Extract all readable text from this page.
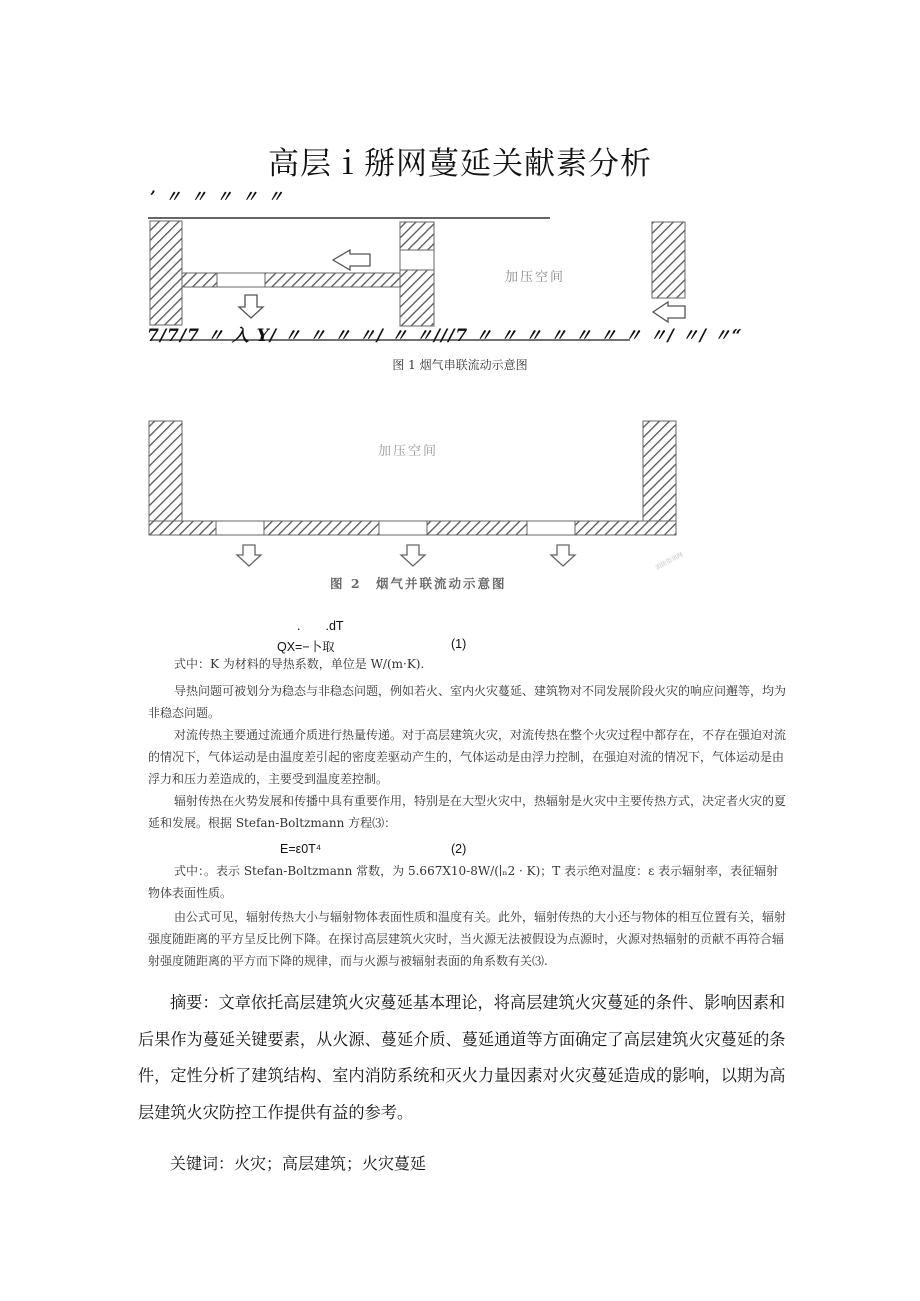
高层ｉ掰网蔓延关献素分析
’ 〃 〃 〃 〃 〃
加压空间
7/7/7 〃 入 Y/ 〃 〃 〃 〃/ 〃 〃///7 〃 〃 〃 〃 〃 〃 〃 〃/ 〃/ 〃“
图 1 烟气串联流动示意图
加压空间
图 2　烟气并联流动示意图
消防资讯网
.　　.dT
QX=−卜取	(1)
式中：K 为材料的导热系数，单位是 W/(m·K).
导热问题可被划分为稳态与非稳态问题，例如若火、室内火灾蔓延、建筑物对不同发展阶段火灾的响应问邂等，均为非稳态问题。
对流传热主要通过流通介质进行热量传递。对于高层建筑火灾，对流传热在整个火灾过程中都存在，不存在强迫对流的情况下，气体运动是由温度差引起的密度差驱动产生的，气体运动是由浮力控制，在强迫对流的情况下，气体运动是由浮力和压力差造成的，主要受到温度差控制。
辐射传热在火势发展和传播中具有重要作用，特别是在大型火灾中，热辐射是火灾中主要传热方式，决定者火灾的夏延和发展。根据 Stefan-Boltzmann 方程⑶：
E=ε0T⁴	(2)
式中：。表示 Stefan-Boltzmann 常数，为 5.667X10-8W/(∣ₙ2 · K)；T 表示绝对温度：ε 表示辐射率，表征辐射物体表面性质。
由公式可见，辐射传热大小与辐射物体表面性质和温度有关。此外，辐射传热的大小还与物体的相互位置有关，辐射强度随距离的平方呈反比例下降。在探讨高层建筑火灾时，当火源无法被假设为点源时，火源对热辐射的贡献不再符合辐射强度随距离的平方而下降的规律，而与火源与被辐射表面的角系数有关⑶.
摘要：文章依托高层建筑火灾蔓延基本理论，将高层建筑火灾蔓延的条件、影响因素和后果作为蔓延关键要素，从火源、蔓延介质、蔓延通道等方面确定了高层建筑火灾蔓延的条件，定性分析了建筑结构、室内消防系统和灭火力量因素对火灾蔓延造成的影响，以期为高层建筑火灾防控工作提供有益的参考。
关键词：火灾；高层建筑；火灾蔓延
